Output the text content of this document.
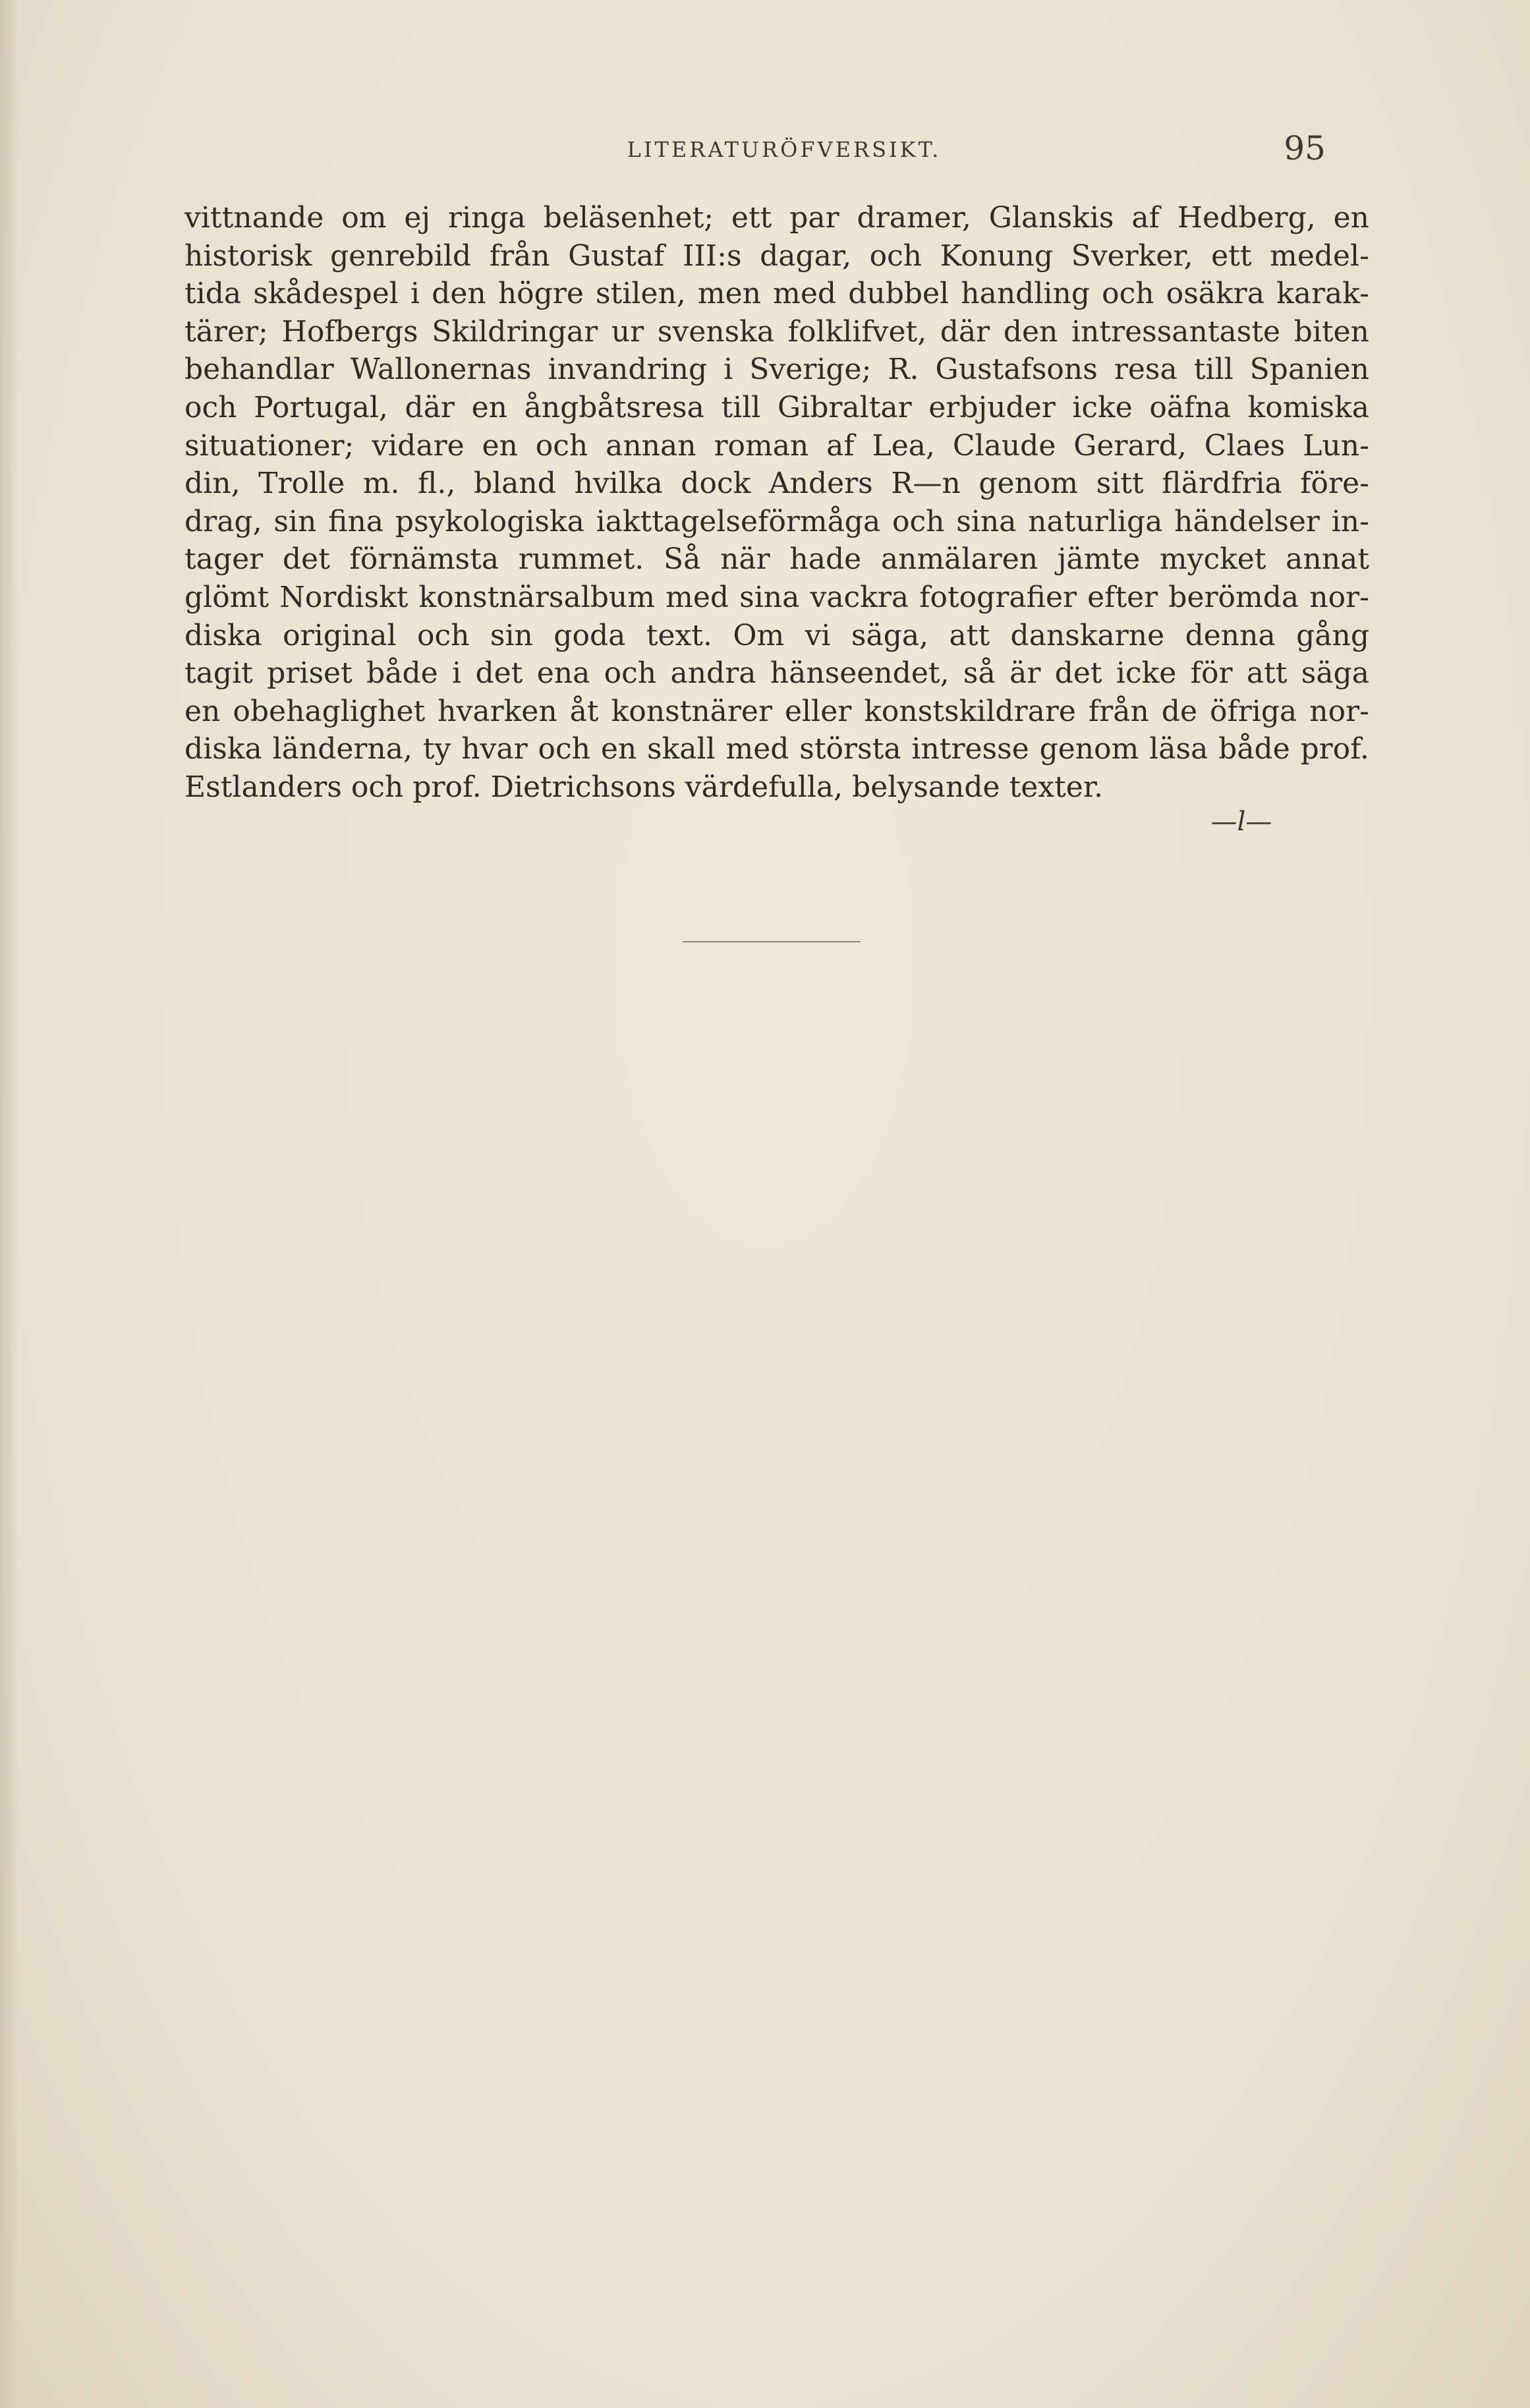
LITERATURÖFVERSIKT.	95
vittnande om ej ringa beläsenhet; ett par dramer, Glanskis af Hedberg, en
historisk genrebild från Gustaf III:s dagar, och Konung Sverker, ett medel-
tida skådespel i den högre stilen, men med dubbel handling och osäkra karak-
tärer; Hofbergs Skildringar ur svenska folklifvet, där den intressantaste biten
behandlar Wallonernas invandring i Sverige; R. Gustafsons resa till Spanien
och Portugal, där en ångbåtsresa till Gibraltar erbjuder icke oäfna komiska
situationer; vidare en och annan roman af Lea, Claude Gerard, Claes Lun-
din, Trolle m. fl., bland hvilka dock Anders R—n genom sitt flärdfria före-
drag, sin fina psykologiska iakttagelseförmåga och sina naturliga händelser in-
tager det förnämsta rummet. Så när hade anmälaren jämte mycket annat
glömt Nordiskt konstnärsalbum med sina vackra fotografier efter berömda nor-
diska original och sin goda text. Om vi säga, att danskarne denna gång
tagit priset både i det ena och andra hänseendet, så är det icke för att säga
en obehaglighet hvarken åt konstnärer eller konstskildrare från de öfriga nor-
diska länderna, ty hvar och en skall med största intresse genom läsa både prof.
Estlanders och prof. Dietrichsons värdefulla, belysande texter.
—l—
